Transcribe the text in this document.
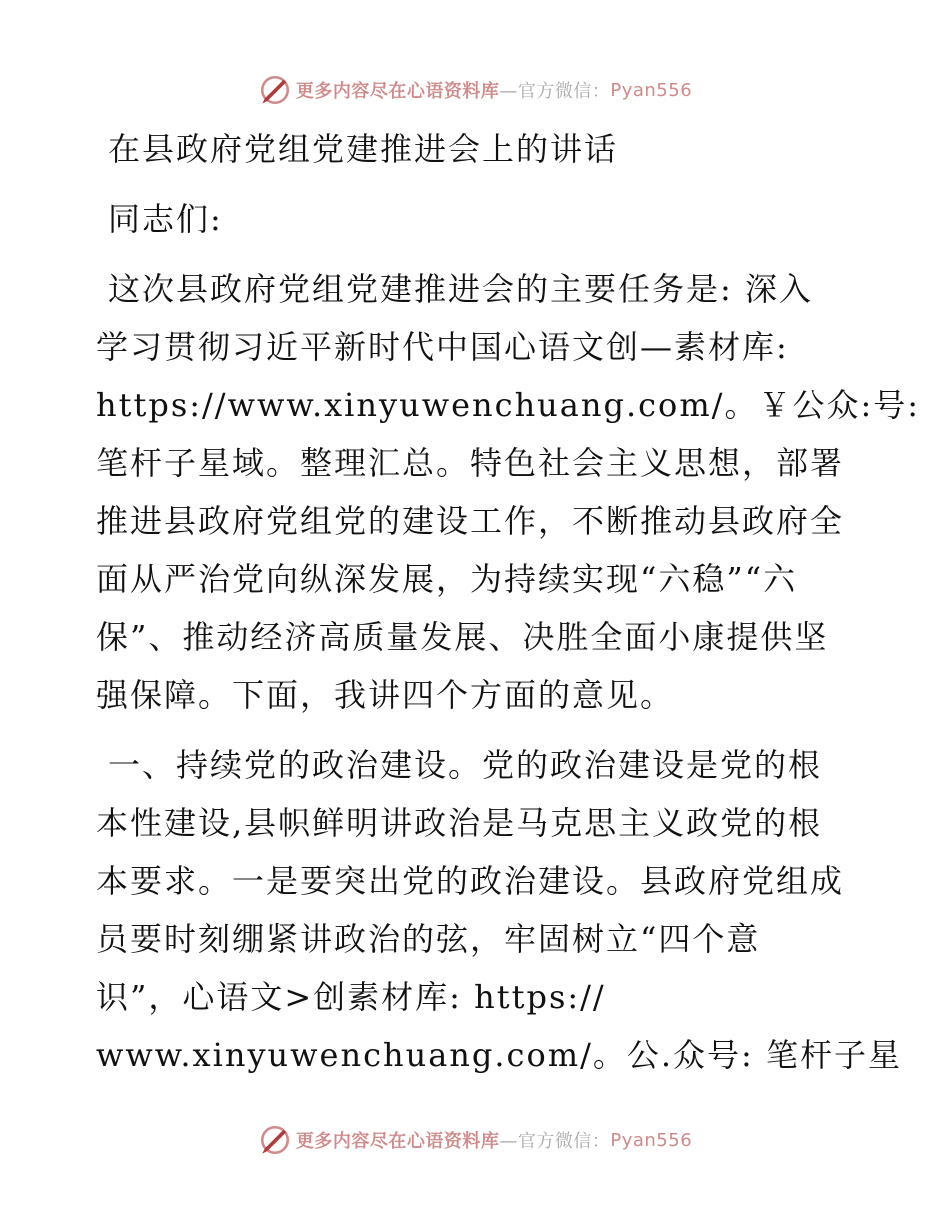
更多内容尽在心语资料库 —官方微信： Pyan556
在县政府党组党建推进会上的讲话
同志们:
这次县政府党组党建推进会的主要任务是: 深入
学习贯彻习近平新时代中国心语文创—素材库:
https://www.xinyuwenchuang.com/。￥公众:号:
笔杆子星域。整理汇总。特色社会主义思想，部署
推进县政府党组党的建设工作，不断推动县政府全
面从严治党向纵深发展，为持续实现“六稳”“六
保”、推动经济高质量发展、决胜全面小康提供坚
强保障。下面，我讲四个方面的意见。
一、持续党的政治建设。党的政治建设是党的根
本性建设,县帜鲜明讲政治是马克思主义政党的根
本要求。一是要突出党的政治建设。县政府党组成
员要时刻绷紧讲政治的弦，牢固树立“四个意
识”，心语文>创素材库: https://
www.xinyuwenchuang.com/。公.众号: 笔杆子星
更多内容尽在心语资料库 —官方微信： Pyan556
